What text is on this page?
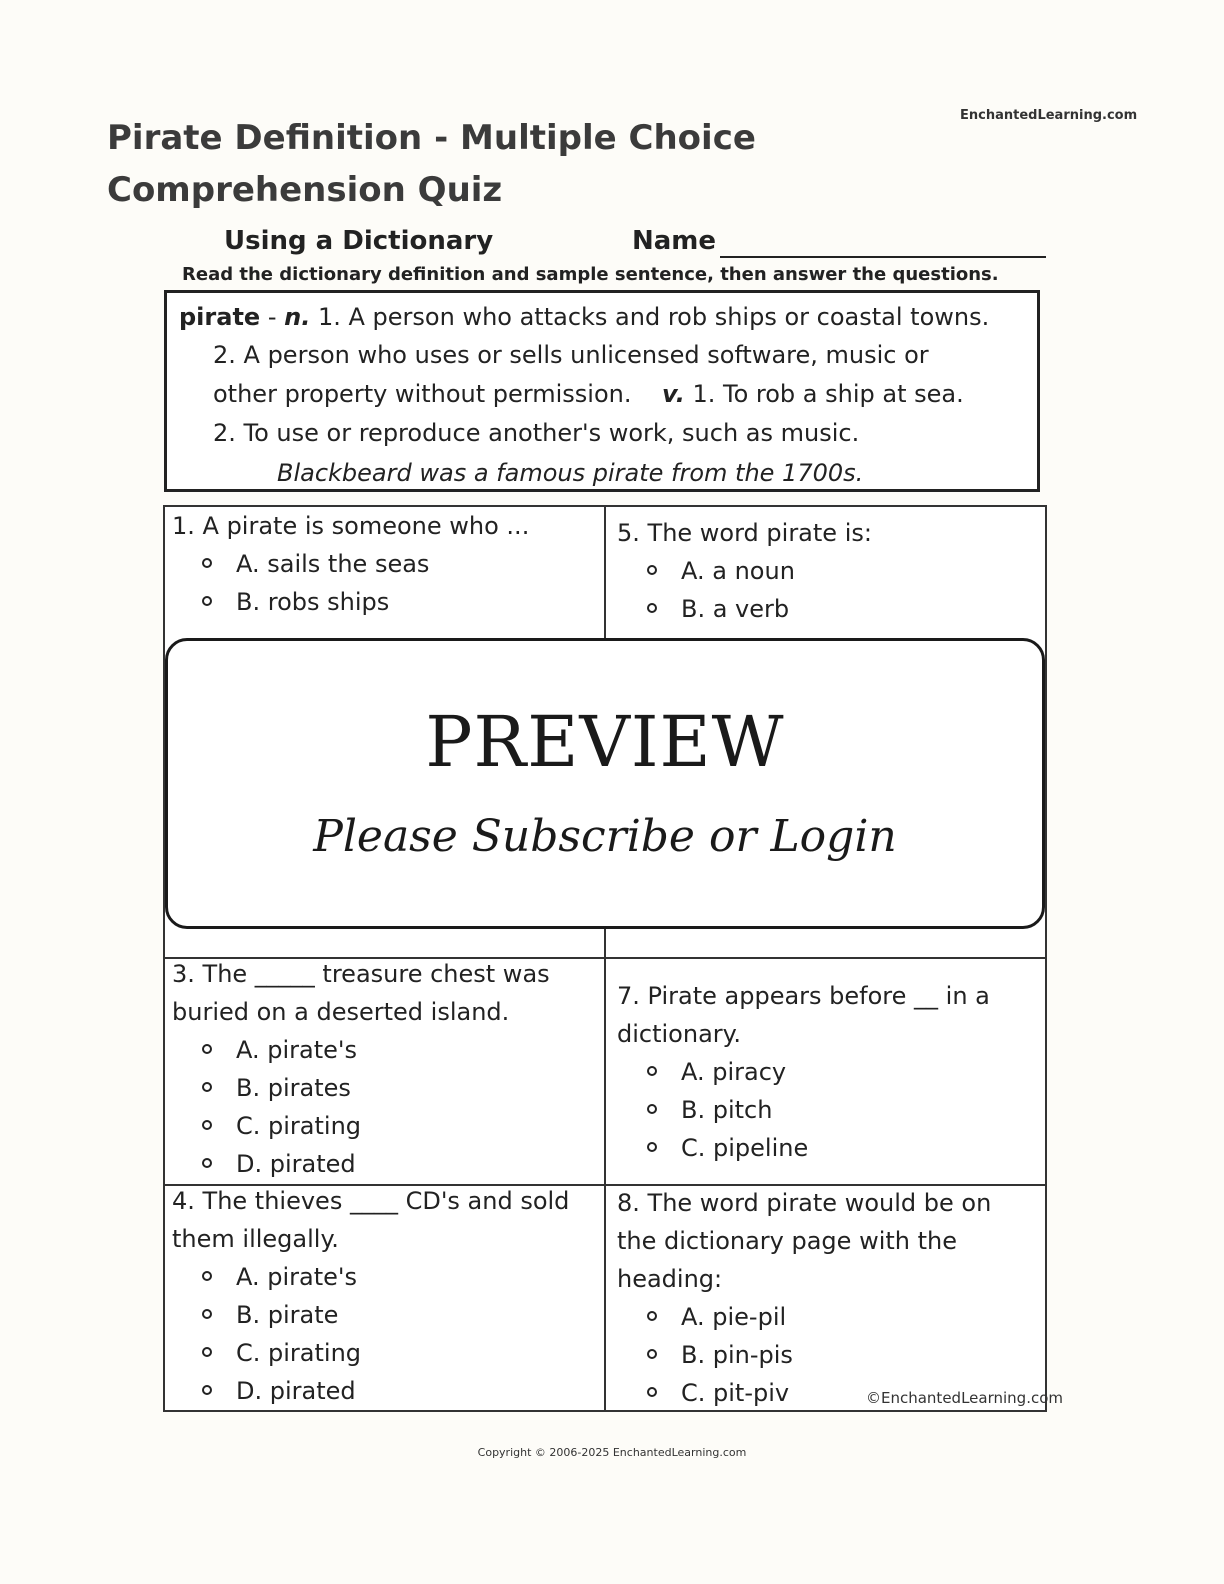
EnchantedLearning.com
Pirate Definition - Multiple Choice Comprehension Quiz
Using a Dictionary	Name
Read the dictionary definition and sample sentence, then answer the questions.
pirate - n. 1. A person who attacks and rob ships or coastal towns.
2. A person who uses or sells unlicensed software, music or
other property without permission. v. 1. To rob a ship at sea.
2. To use or reproduce another's work, such as music.
Blackbeard was a famous pirate from the 1700s.
1. A pirate is someone who ...
A. sails the seas
B. robs ships
5. The word pirate is:
A. a noun
B. a verb
3. The _____ treasure chest was
buried on a deserted island.
A. pirate's
B. pirates
C. pirating
D. pirated
7. Pirate appears before __ in a
dictionary.
A. piracy
B. pitch
C. pipeline
4. The thieves ____ CD's and sold
them illegally.
A. pirate's
B. pirate
C. pirating
D. pirated
8. The word pirate would be on
the dictionary page with the
heading:
A. pie-pil
B. pin-pis
C. pit-piv	©EnchantedLearning.com
PREVIEW
Please Subscribe or Login
Copyright © 2006-2025 EnchantedLearning.com
